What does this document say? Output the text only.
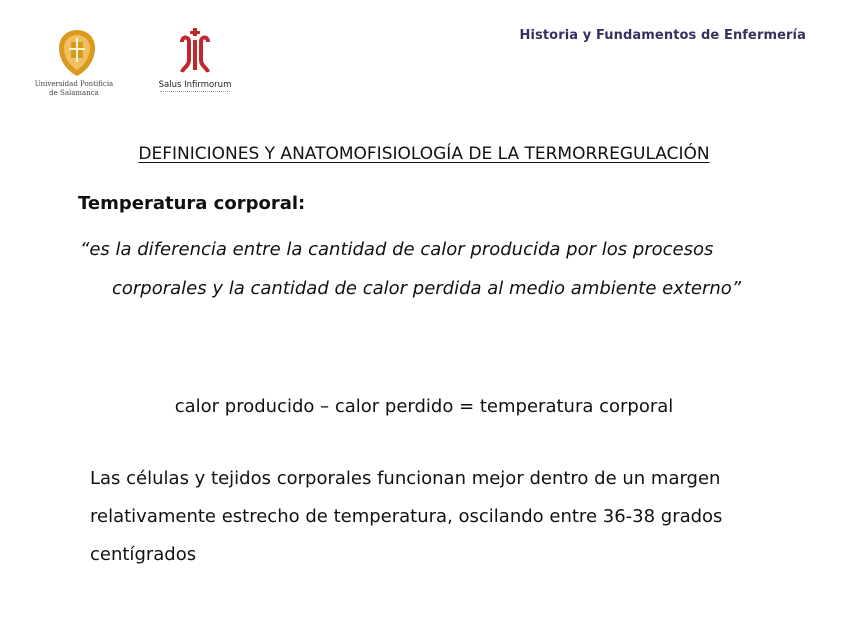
Historia y Fundamentos de Enfermería
Universidad Pontificia
de Salamanca
Salus Infirmorum
DEFINICIONES Y ANATOMOFISIOLOGÍA DE LA TERMORREGULACIÓN
Temperatura corporal:

“es la diferencia entre la cantidad de calor producida por los procesos corporales y la cantidad de calor perdida al medio ambiente externo”

calor producido – calor perdido = temperatura corporal

Las células y tejidos corporales funcionan mejor dentro de un margen relativamente estrecho de temperatura, oscilando entre 36-38 grados centígrados
